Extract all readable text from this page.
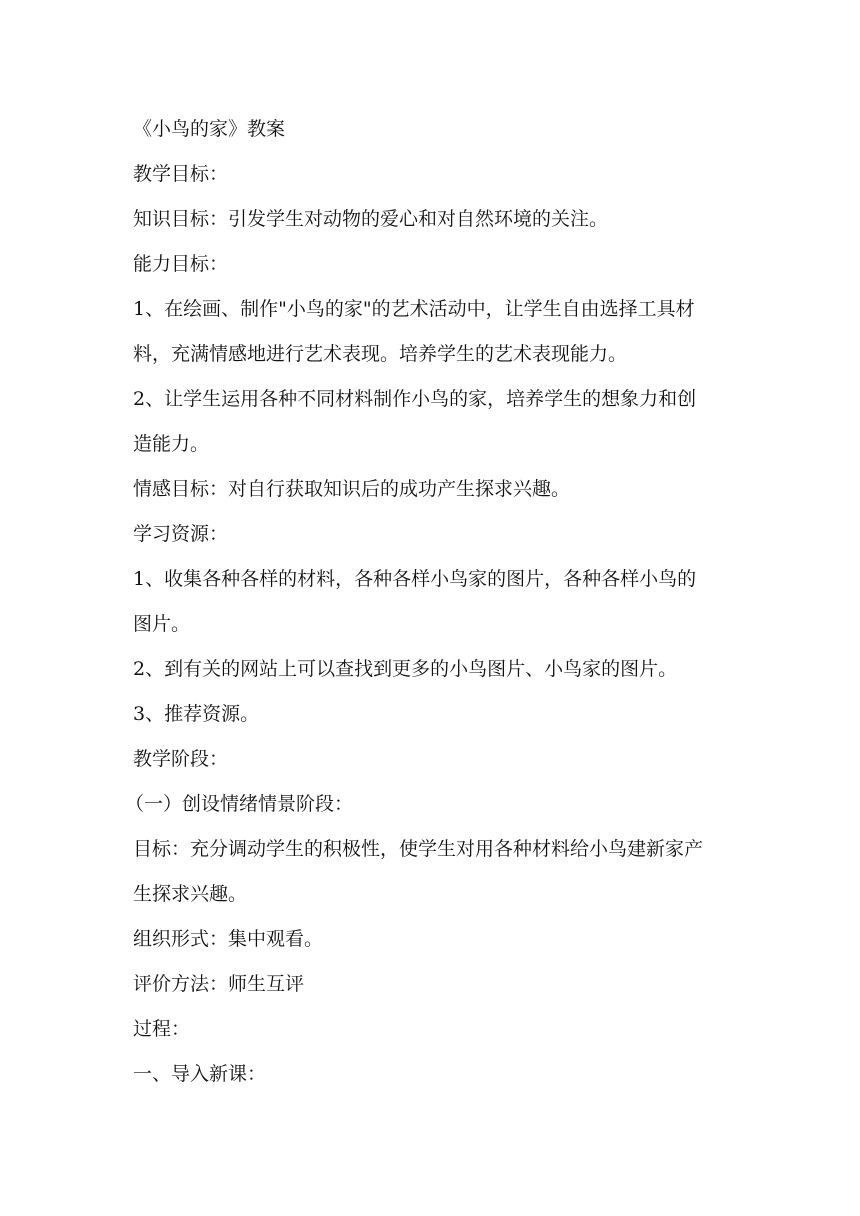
《小鸟的家》教案
教学目标：
知识目标：引发学生对动物的爱心和对自然环境的关注。
能力目标：
1、在绘画、制作"小鸟的家"的艺术活动中，让学生自由选择工具材
料，充满情感地进行艺术表现。培养学生的艺术表现能力。
2、让学生运用各种不同材料制作小鸟的家，培养学生的想象力和创
造能力。
情感目标：对自行获取知识后的成功产生探求兴趣。
学习资源：
1、收集各种各样的材料，各种各样小鸟家的图片，各种各样小鸟的
图片。
2、到有关的网站上可以查找到更多的小鸟图片、小鸟家的图片。
3、推荐资源。
教学阶段：
（一）创设情绪情景阶段：
目标：充分调动学生的积极性，使学生对用各种材料给小鸟建新家产
生探求兴趣。
组织形式：集中观看。
评价方法：师生互评
过程：
一、导入新课：
